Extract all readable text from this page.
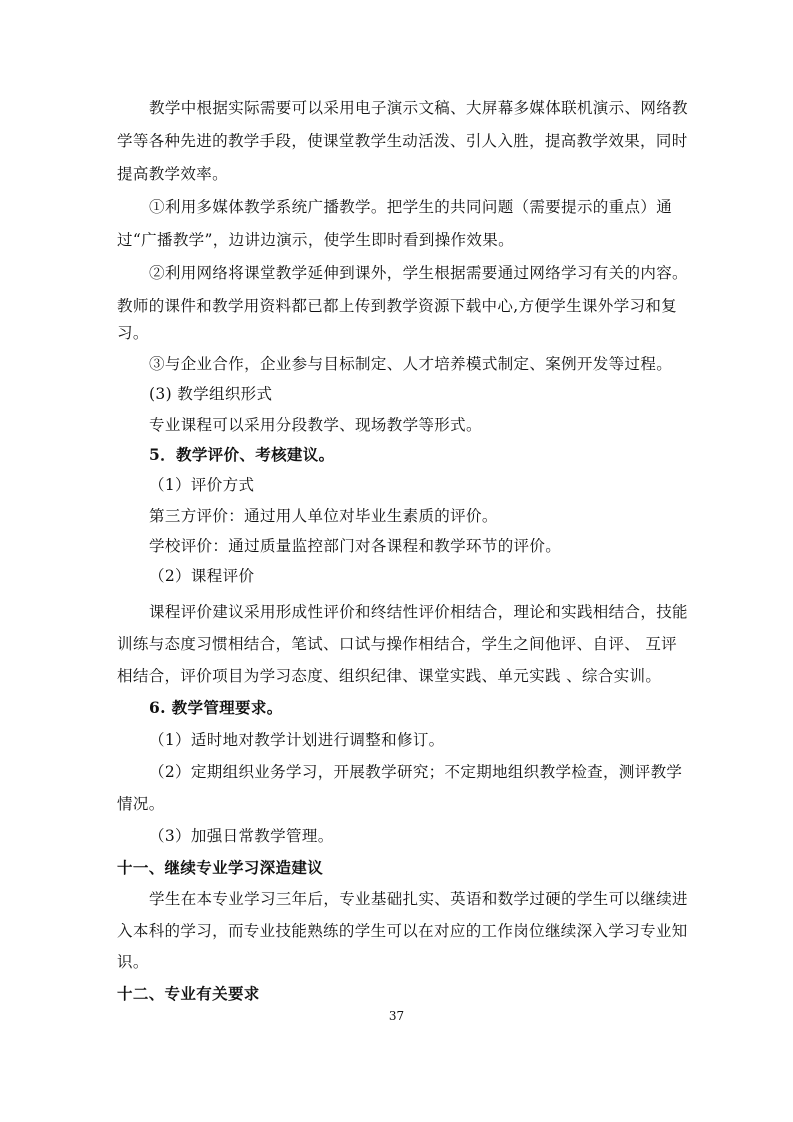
教学中根据实际需要可以采用电子演示文稿、大屏幕多媒体联机演示、网络教

学等各种先进的教学手段，使课堂教学生动活泼、引人入胜，提高教学效果，同时

提高教学效率。

①利用多媒体教学系统广播教学。把学生的共同问题（需要提示的重点）通

过“广播教学”，边讲边演示，使学生即时看到操作效果。

②利用网络将课堂教学延伸到课外，学生根据需要通过网络学习有关的内容。

教师的课件和教学用资料都已都上传到教学资源下载中心,方便学生课外学习和复

习。

③与企业合作，企业参与目标制定、人才培养模式制定、案例开发等过程。

(3) 教学组织形式

专业课程可以采用分段教学、现场教学等形式。

5．教学评价、考核建议。

（1）评价方式

第三方评价：通过用人单位对毕业生素质的评价。

学校评价：通过质量监控部门对各课程和教学环节的评价。

（2）课程评价

课程评价建议采用形成性评价和终结性评价相结合，理论和实践相结合，技能

训练与态度习惯相结合，笔试、口试与操作相结合，学生之间他评、自评、 互评

相结合，评价项目为学习态度、组织纪律、课堂实践、单元实践 、综合实训。

6. 教学管理要求。

（1）适时地对教学计划进行调整和修订。

（2）定期组织业务学习，开展教学研究；不定期地组织教学检查，测评教学

情况。

（3）加强日常教学管理。

十一、继续专业学习深造建议

学生在本专业学习三年后，专业基础扎实、英语和数学过硬的学生可以继续进

入本科的学习，而专业技能熟练的学生可以在对应的工作岗位继续深入学习专业知

识。

十二、专业有关要求

37
